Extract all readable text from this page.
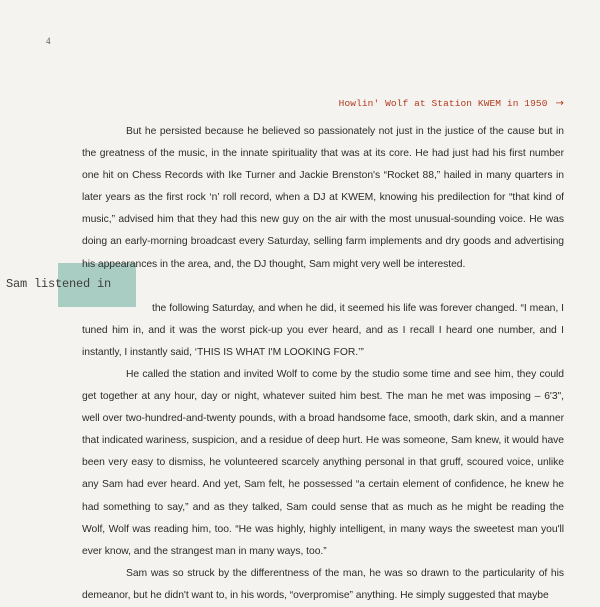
4
Howlin' Wolf at Station KWEM in 1950 →
Sam listened in

But he persisted because he believed so passionately not just in the justice of the cause but in the greatness of the music, in the innate spirituality that was at its core. He had just had his first number one hit on Chess Records with Ike Turner and Jackie Brenston's “Rocket 88,” hailed in many quarters in later years as the first rock ‘n’ roll record, when a DJ at KWEM, knowing his predilection for “that kind of music,” advised him that they had this new guy on the air with the most unusual-sounding voice. He was doing an early-morning broadcast every Saturday, selling farm implements and dry goods and advertising his appearances in the area, and, the DJ thought, Sam might very well be interested.

the following Saturday, and when he did, it seemed his life was forever changed. “I mean, I tuned him in, and it was the worst pick-up you ever heard, and as I recall I heard one number, and I instantly, I instantly said, ‘THIS IS WHAT I'M LOOKING FOR.’”

He called the station and invited Wolf to come by the studio some time and see him, they could get together at any hour, day or night, whatever suited him best. The man he met was imposing – 6'3", well over two-hundred-and-twenty pounds, with a broad handsome face, smooth, dark skin, and a manner that indicated wariness, suspicion, and a residue of deep hurt. He was someone, Sam knew, it would have been very easy to dismiss, he volunteered scarcely anything personal in that gruff, scoured voice, unlike any Sam had ever heard. And yet, Sam felt, he possessed “a certain element of confidence, he knew he had something to say,” and as they talked, Sam could sense that as much as he might be reading the Wolf, Wolf was reading him, too. “He was highly, highly intelligent, in many ways the sweetest man you'll ever know, and the strangest man in many ways, too.”

Sam was so struck by the differentness of the man, he was so drawn to the particularity of his demeanor, but he didn't want to, in his words, “overpromise” anything. He simply suggested that maybe
